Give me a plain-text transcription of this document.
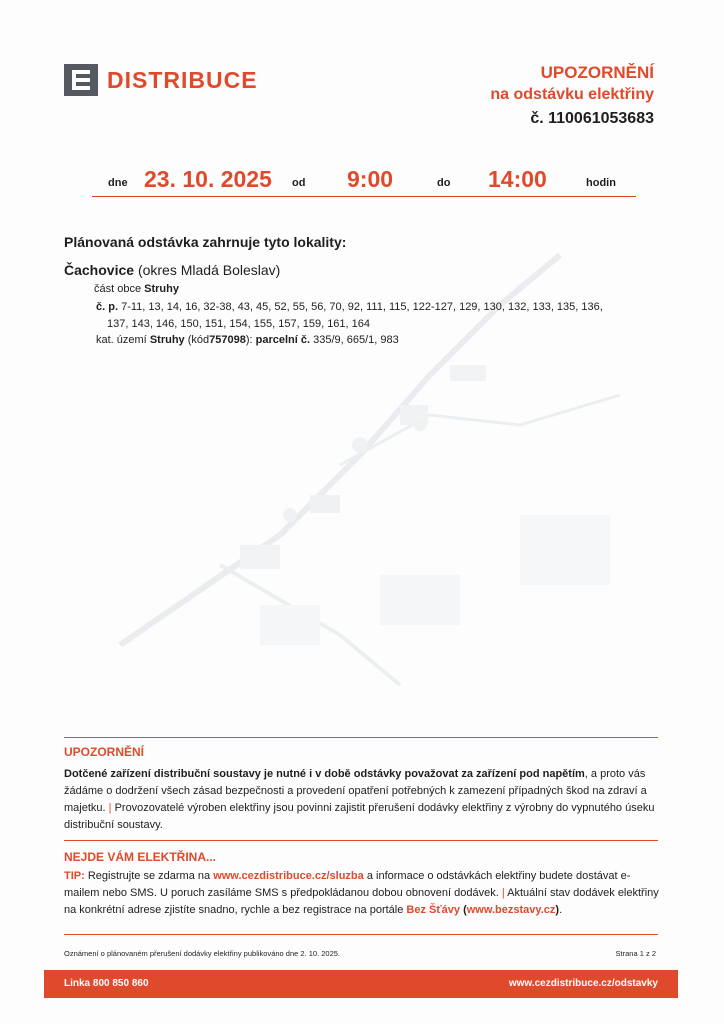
DISTRIBUCE	UPOZORNĚNÍ
na odstávku elektřiny
č. 110061053683
dne 23. 10. 2025 od 9:00	do 14:00	hodin
Plánovaná odstávka zahrnuje tyto lokality:
Čachovice (okres Mladá Boleslav)
část obce Struhy
č. p. 7-11, 13, 14, 16, 32-38, 43, 45, 52, 55, 56, 70, 92, 111, 115, 122-127, 129, 130, 132, 133, 135, 136,
137, 143, 146, 150, 151, 154, 155, 157, 159, 161, 164
kat. území Struhy (kód757098): parcelní č. 335/9, 665/1, 983
UPOZORNĚNÍ
Dotčené zařízení distribuční soustavy je nutné i v době odstávky považovat za zařízení pod napětím, a proto vás žádáme o dodržení všech zásad bezpečnosti a provedení opatření potřebných k zamezení případných škod na zdraví a majetku. | Provozovatelé výroben elektřiny jsou povinni zajistit přerušení dodávky elektřiny z výrobny do vypnutého úseku distribuční soustavy.
NEJDE VÁM ELEKTŘINA...
TIP: Registrujte se zdarma na www.cezdistribuce.cz/sluzba a informace o odstávkách elektřiny budete dostávat e-mailem nebo SMS. U poruch zasíláme SMS s předpokládanou dobou obnovení dodávek. | Aktuální stav dodávek elektřiny na konkrétní adrese zjistíte snadno, rychle a bez registrace na portále Bez Šťávy (www.bezstavy.cz).
Oznámení o plánovaném přerušení dodávky elektřiny publikováno dne 2. 10. 2025.	Strana 1 z 2
Linka 800 850 860	www.cezdistribuce.cz/odstavky
